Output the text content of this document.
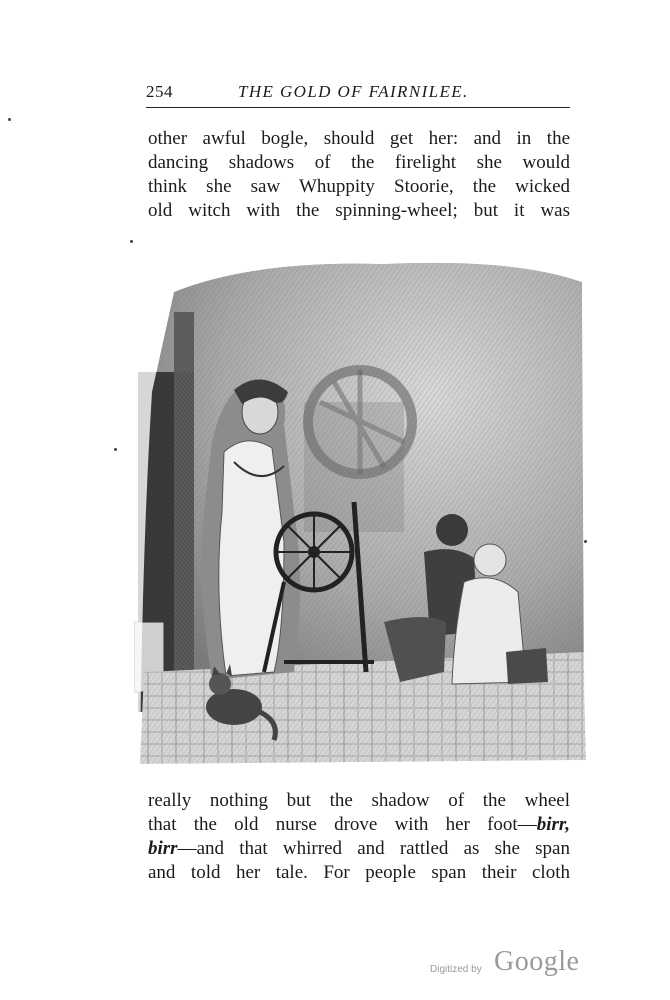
254	THE GOLD OF FAIRNILEE.
other awful bogle, should get her: and in the
dancing shadows of the firelight she would
think she saw Whuppity Stoorie, the wicked
old witch with the spinning-wheel; but it was
really nothing but the shadow of the wheel
that the old nurse drove with her foot—birr,
birr—and that whirred and rattled as she span
and told her tale. For people span their cloth
Digitized by Google
